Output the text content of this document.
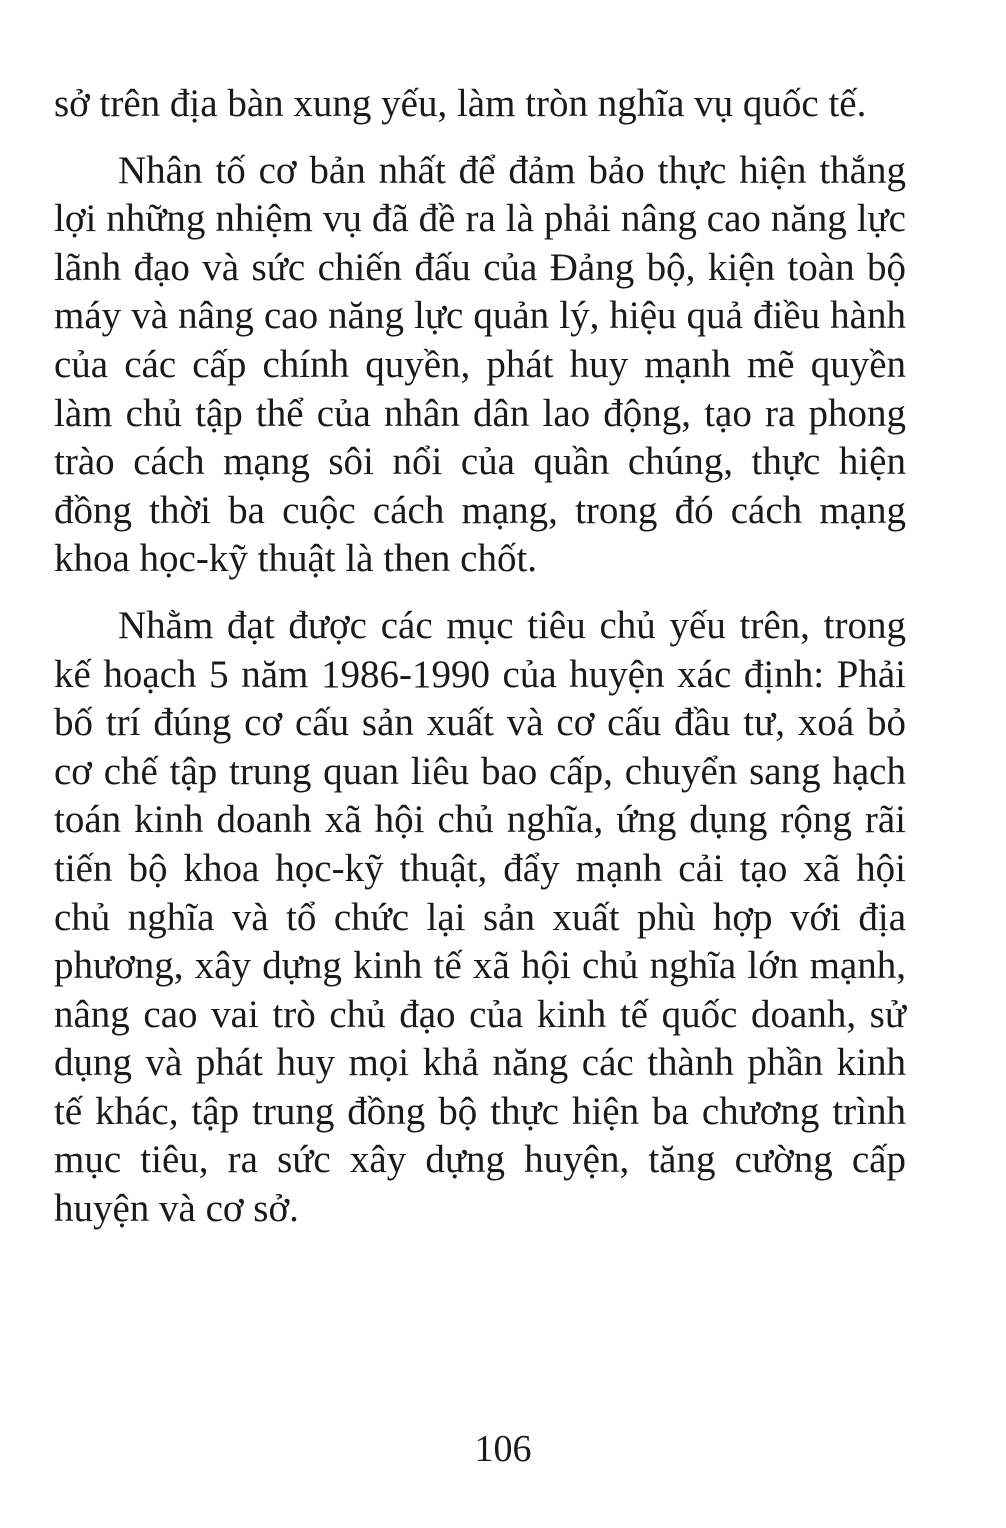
sở trên địa bàn xung yếu, làm tròn nghĩa vụ quốc tế.

Nhân tố cơ bản nhất để đảm bảo thực hiện thắng lợi những nhiệm vụ đã đề ra là phải nâng cao năng lực lãnh đạo và sức chiến đấu của Đảng bộ, kiện toàn bộ máy và nâng cao năng lực quản lý, hiệu quả điều hành của các cấp chính quyền, phát huy mạnh mẽ quyền làm chủ tập thể của nhân dân lao động, tạo ra phong trào cách mạng sôi nổi của quần chúng, thực hiện đồng thời ba cuộc cách mạng, trong đó cách mạng khoa học-kỹ thuật là then chốt.

Nhằm đạt được các mục tiêu chủ yếu trên, trong kế hoạch 5 năm 1986-1990 của huyện xác định: Phải bố trí đúng cơ cấu sản xuất và cơ cấu đầu tư, xoá bỏ cơ chế tập trung quan liêu bao cấp, chuyển sang hạch toán kinh doanh xã hội chủ nghĩa, ứng dụng rộng rãi tiến bộ khoa học-kỹ thuật, đẩy mạnh cải tạo xã hội chủ nghĩa và tổ chức lại sản xuất phù hợp với địa phương, xây dựng kinh tế xã hội chủ nghĩa lớn mạnh, nâng cao vai trò chủ đạo của kinh tế quốc doanh, sử dụng và phát huy mọi khả năng các thành phần kinh tế khác, tập trung đồng bộ thực hiện ba chương trình mục tiêu, ra sức xây dựng huyện, tăng cường cấp huyện và cơ sở.

106
